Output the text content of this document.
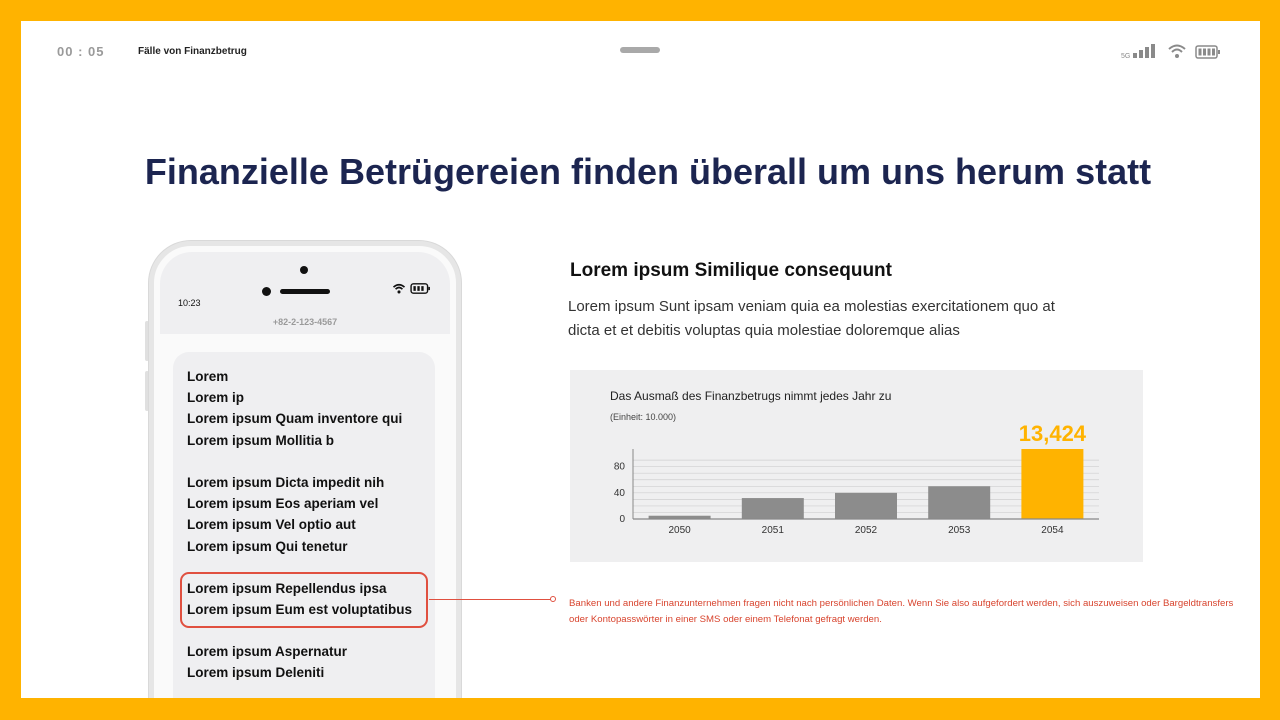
00 : 05	Fälle von Finanzbetrug	5G
Finanzielle Betrügereien finden überall um uns herum statt
10:23
+82-2-123-4567
Lorem
Lorem ip
Lorem ipsum Quam inventore qui
Lorem ipsum Mollitia b
Lorem ipsum Dicta impedit nih
Lorem ipsum Eos aperiam vel
Lorem ipsum Vel optio aut
Lorem ipsum Qui tenetur
Lorem ipsum Repellendus ipsa
Lorem ipsum Eum est voluptatibus
Lorem ipsum Aspernatur
Lorem ipsum Deleniti
Lorem ipsum Similique consequunt
Lorem ipsum Sunt ipsam veniam quia ea molestias exercitationem quo at dicta et et debitis voluptas quia molestiae doloremque alias
Das Ausmaß des Finanzbetrugs nimmt jedes Jahr zu
(Einheit: 10.000)
0
40
80
2050	2051	2052	2053	2054
13,424
Banken und andere Finanzunternehmen fragen nicht nach persönlichen Daten. Wenn Sie also aufgefordert werden, sich auszuweisen oder Bargeldtransfers oder Kontopasswörter in einer SMS oder einem Telefonat gefragt werden.
